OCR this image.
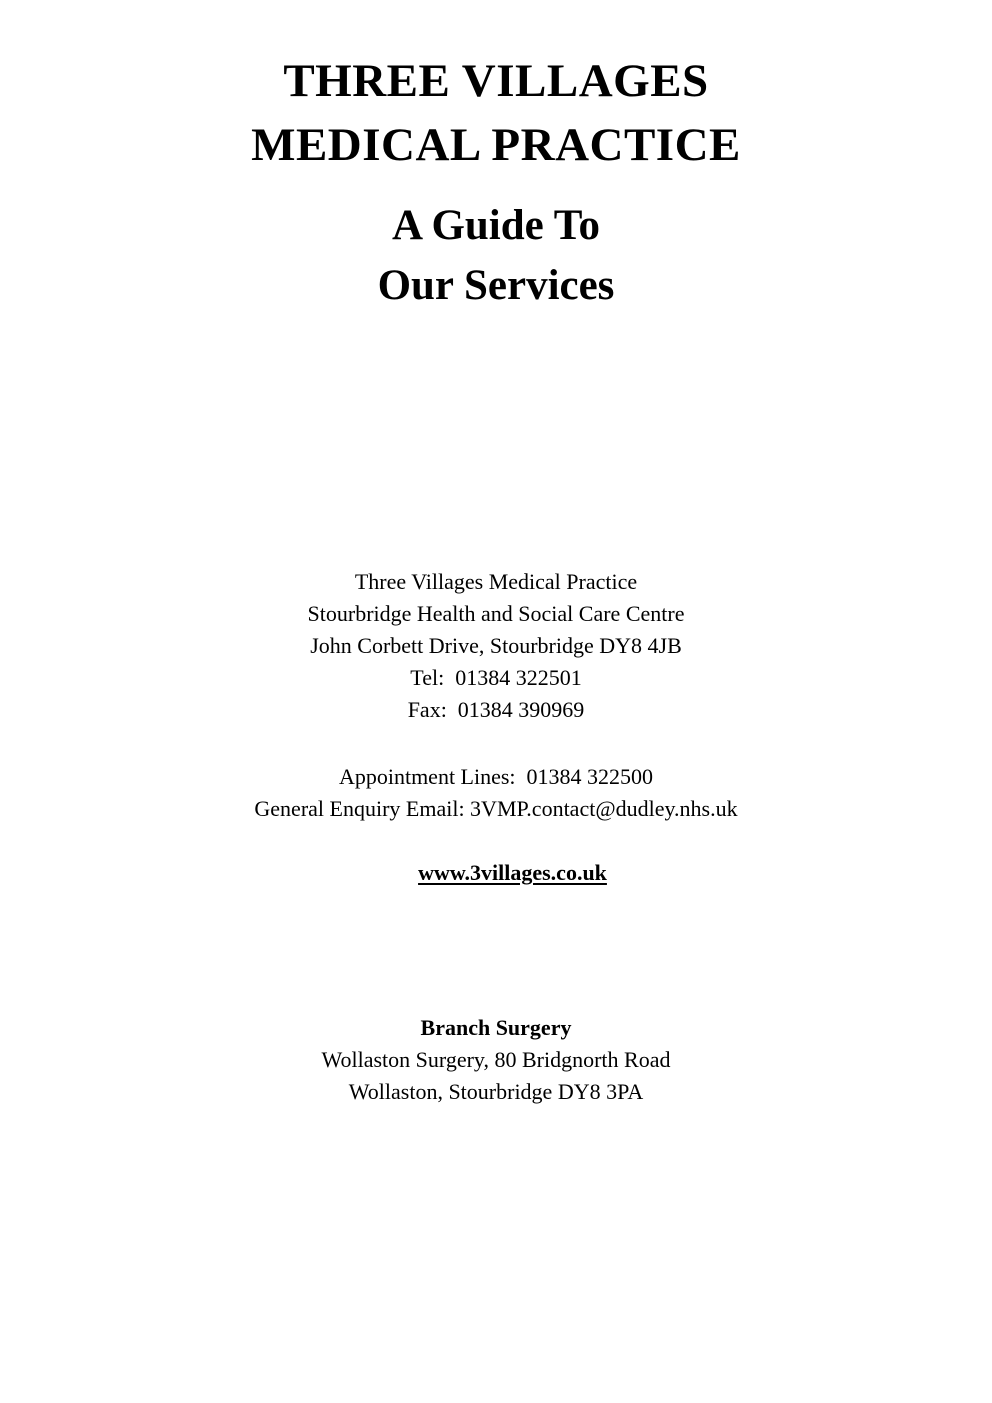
THREE VILLAGES
MEDICAL PRACTICE
A Guide To
Our Services
Three Villages Medical Practice
Stourbridge Health and Social Care Centre
John Corbett Drive, Stourbridge DY8 4JB
Tel:  01384 322501
Fax:  01384 390969
Appointment Lines:  01384 322500
General Enquiry Email: 3VMP.contact@dudley.nhs.uk

www.3villages.co.uk

Branch Surgery
Wollaston Surgery, 80 Bridgnorth Road
Wollaston, Stourbridge DY8 3PA
